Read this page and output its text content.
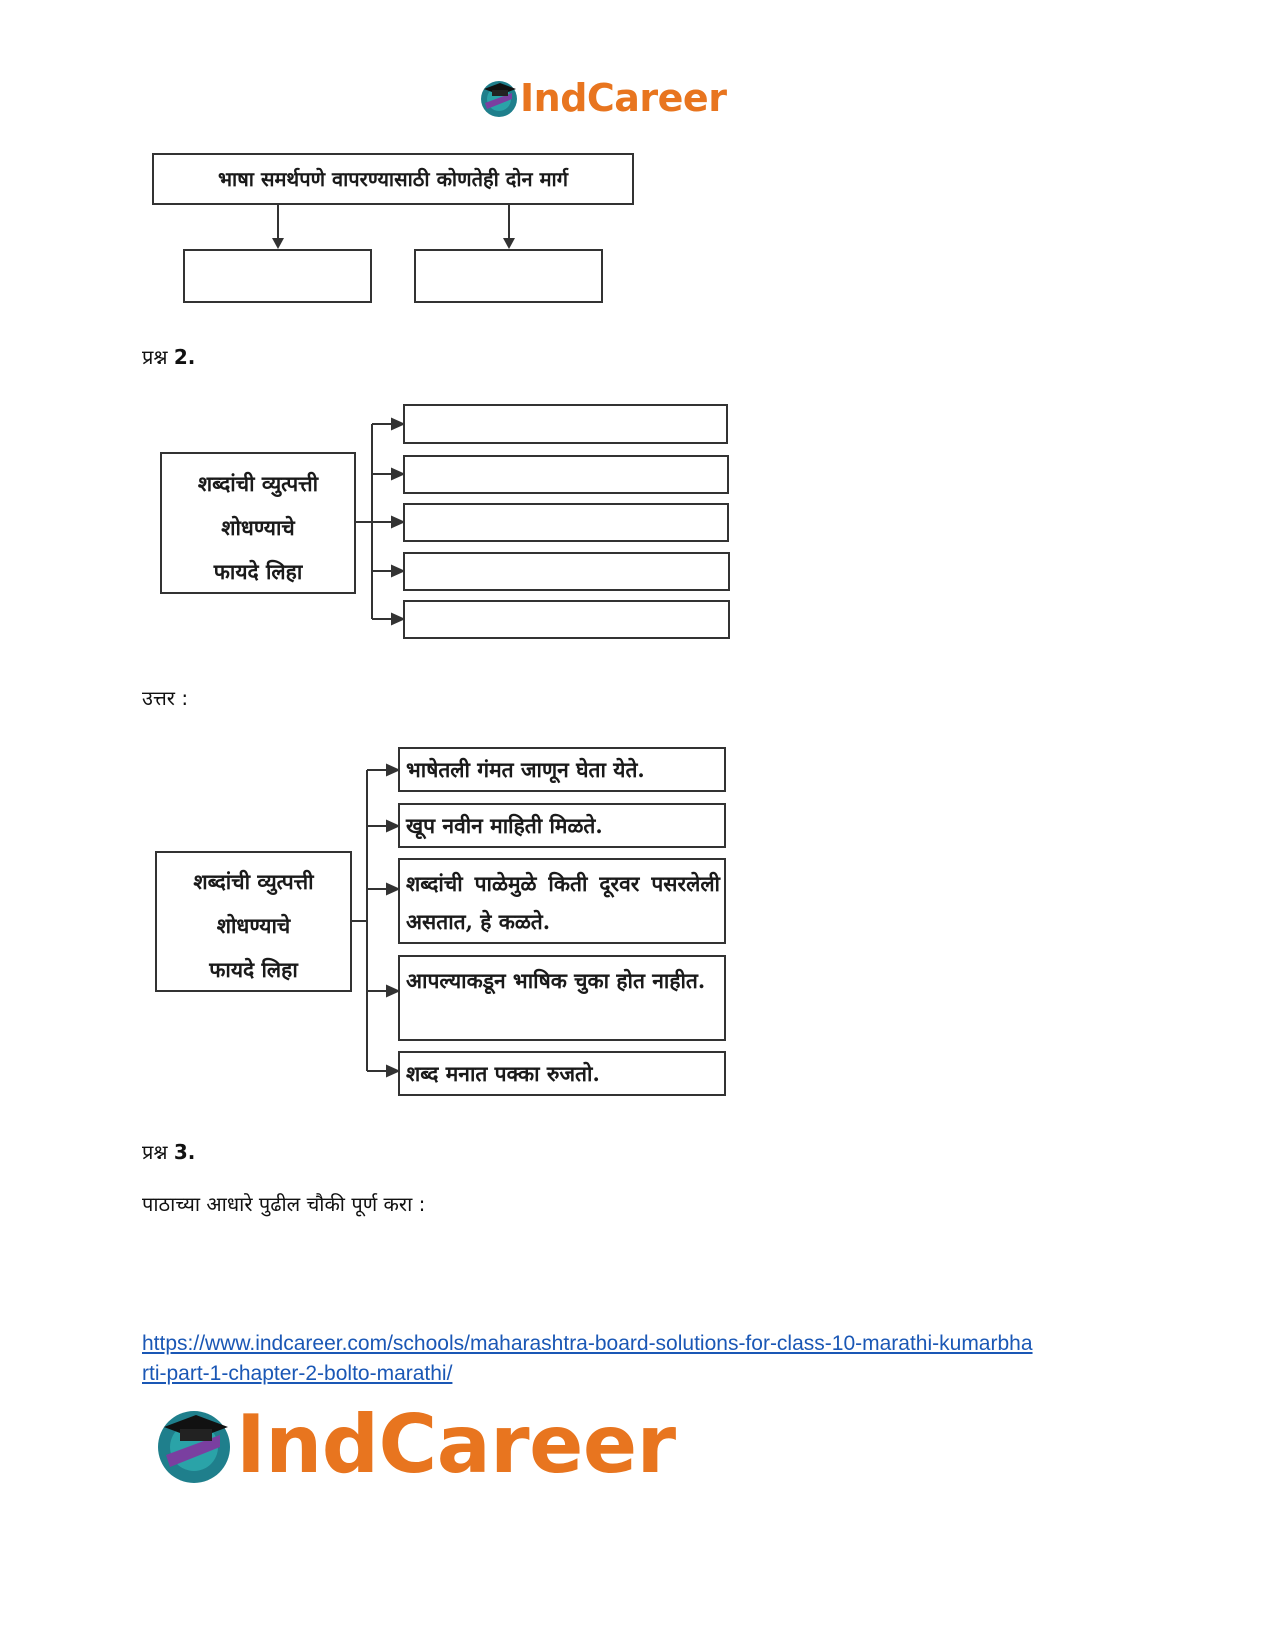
IndCareer
भाषा समर्थपणे वापरण्यासाठी कोणतेही दोन मार्ग
प्रश्न 2.
शब्दांची व्युत्पत्ती
शोधण्याचे
फायदे लिहा
उत्तर :
शब्दांची व्युत्पत्ती
शोधण्याचे
फायदे लिहा
भाषेतली गंमत जाणून घेता येते.
खूप नवीन माहिती मिळते.
शब्दांची पाळेमुळे किती दूरवर पसरलेली असतात, हे कळते.
आपल्याकडून भाषिक चुका होत नाहीत.
शब्द मनात पक्का रुजतो.
प्रश्न 3.
पाठाच्या आधारे पुढील चौकी पूर्ण करा :
https://www.indcareer.com/schools/maharashtra-board-solutions-for-class-10-marathi-kumarbha
rti-part-1-chapter-2-bolto-marathi/
IndCareer
